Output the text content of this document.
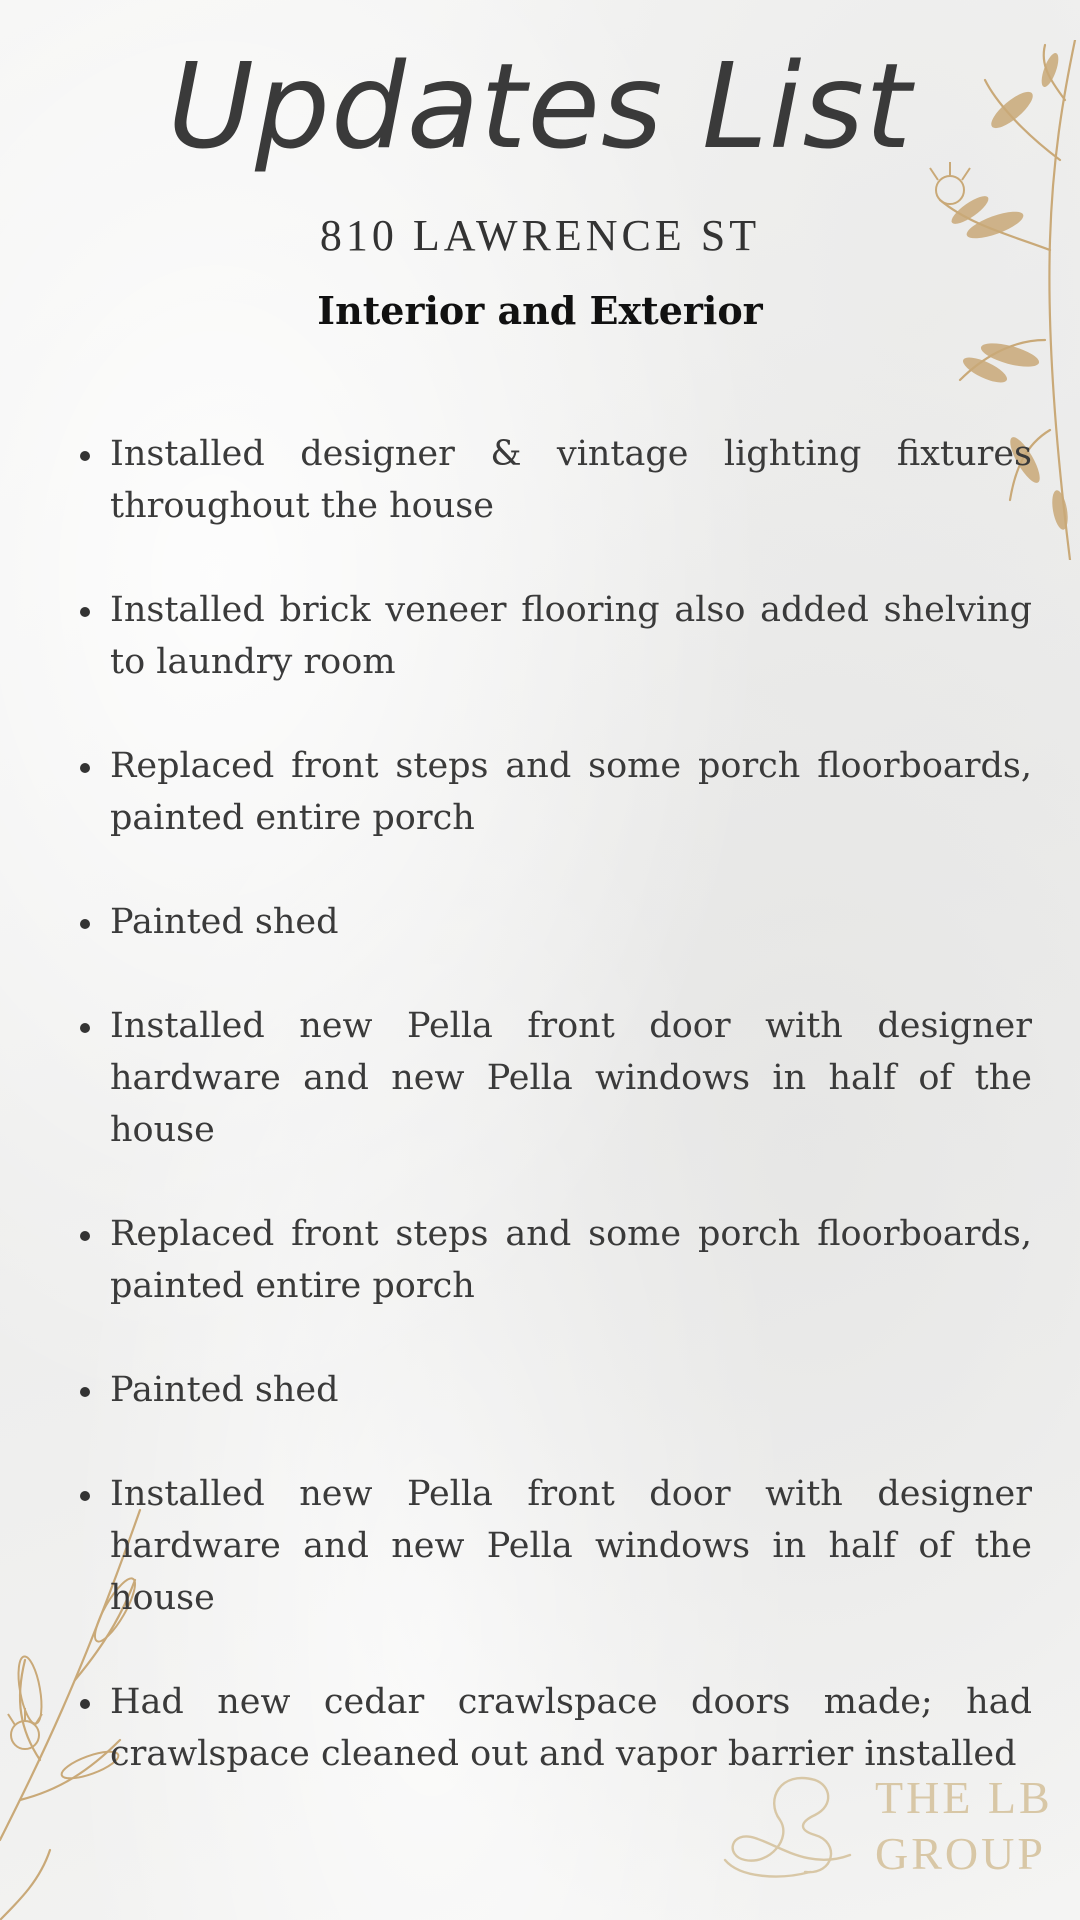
Updates List
810 LAWRENCE ST
Interior and Exterior
Installed designer & vintage lighting fixtures throughout the house
Installed brick veneer flooring also added shelving to laundry room
Replaced front steps and some porch floorboards, painted entire porch
Painted shed
Installed new Pella front door with designer hardware and new Pella windows in half of the house
Replaced front steps and some porch floorboards, painted entire porch
Painted shed
Installed new Pella front door with designer hardware and new Pella windows in half of the house
Had new cedar crawlspace doors made; had crawlspace cleaned out and vapor barrier installed
THE LB
GROUP
